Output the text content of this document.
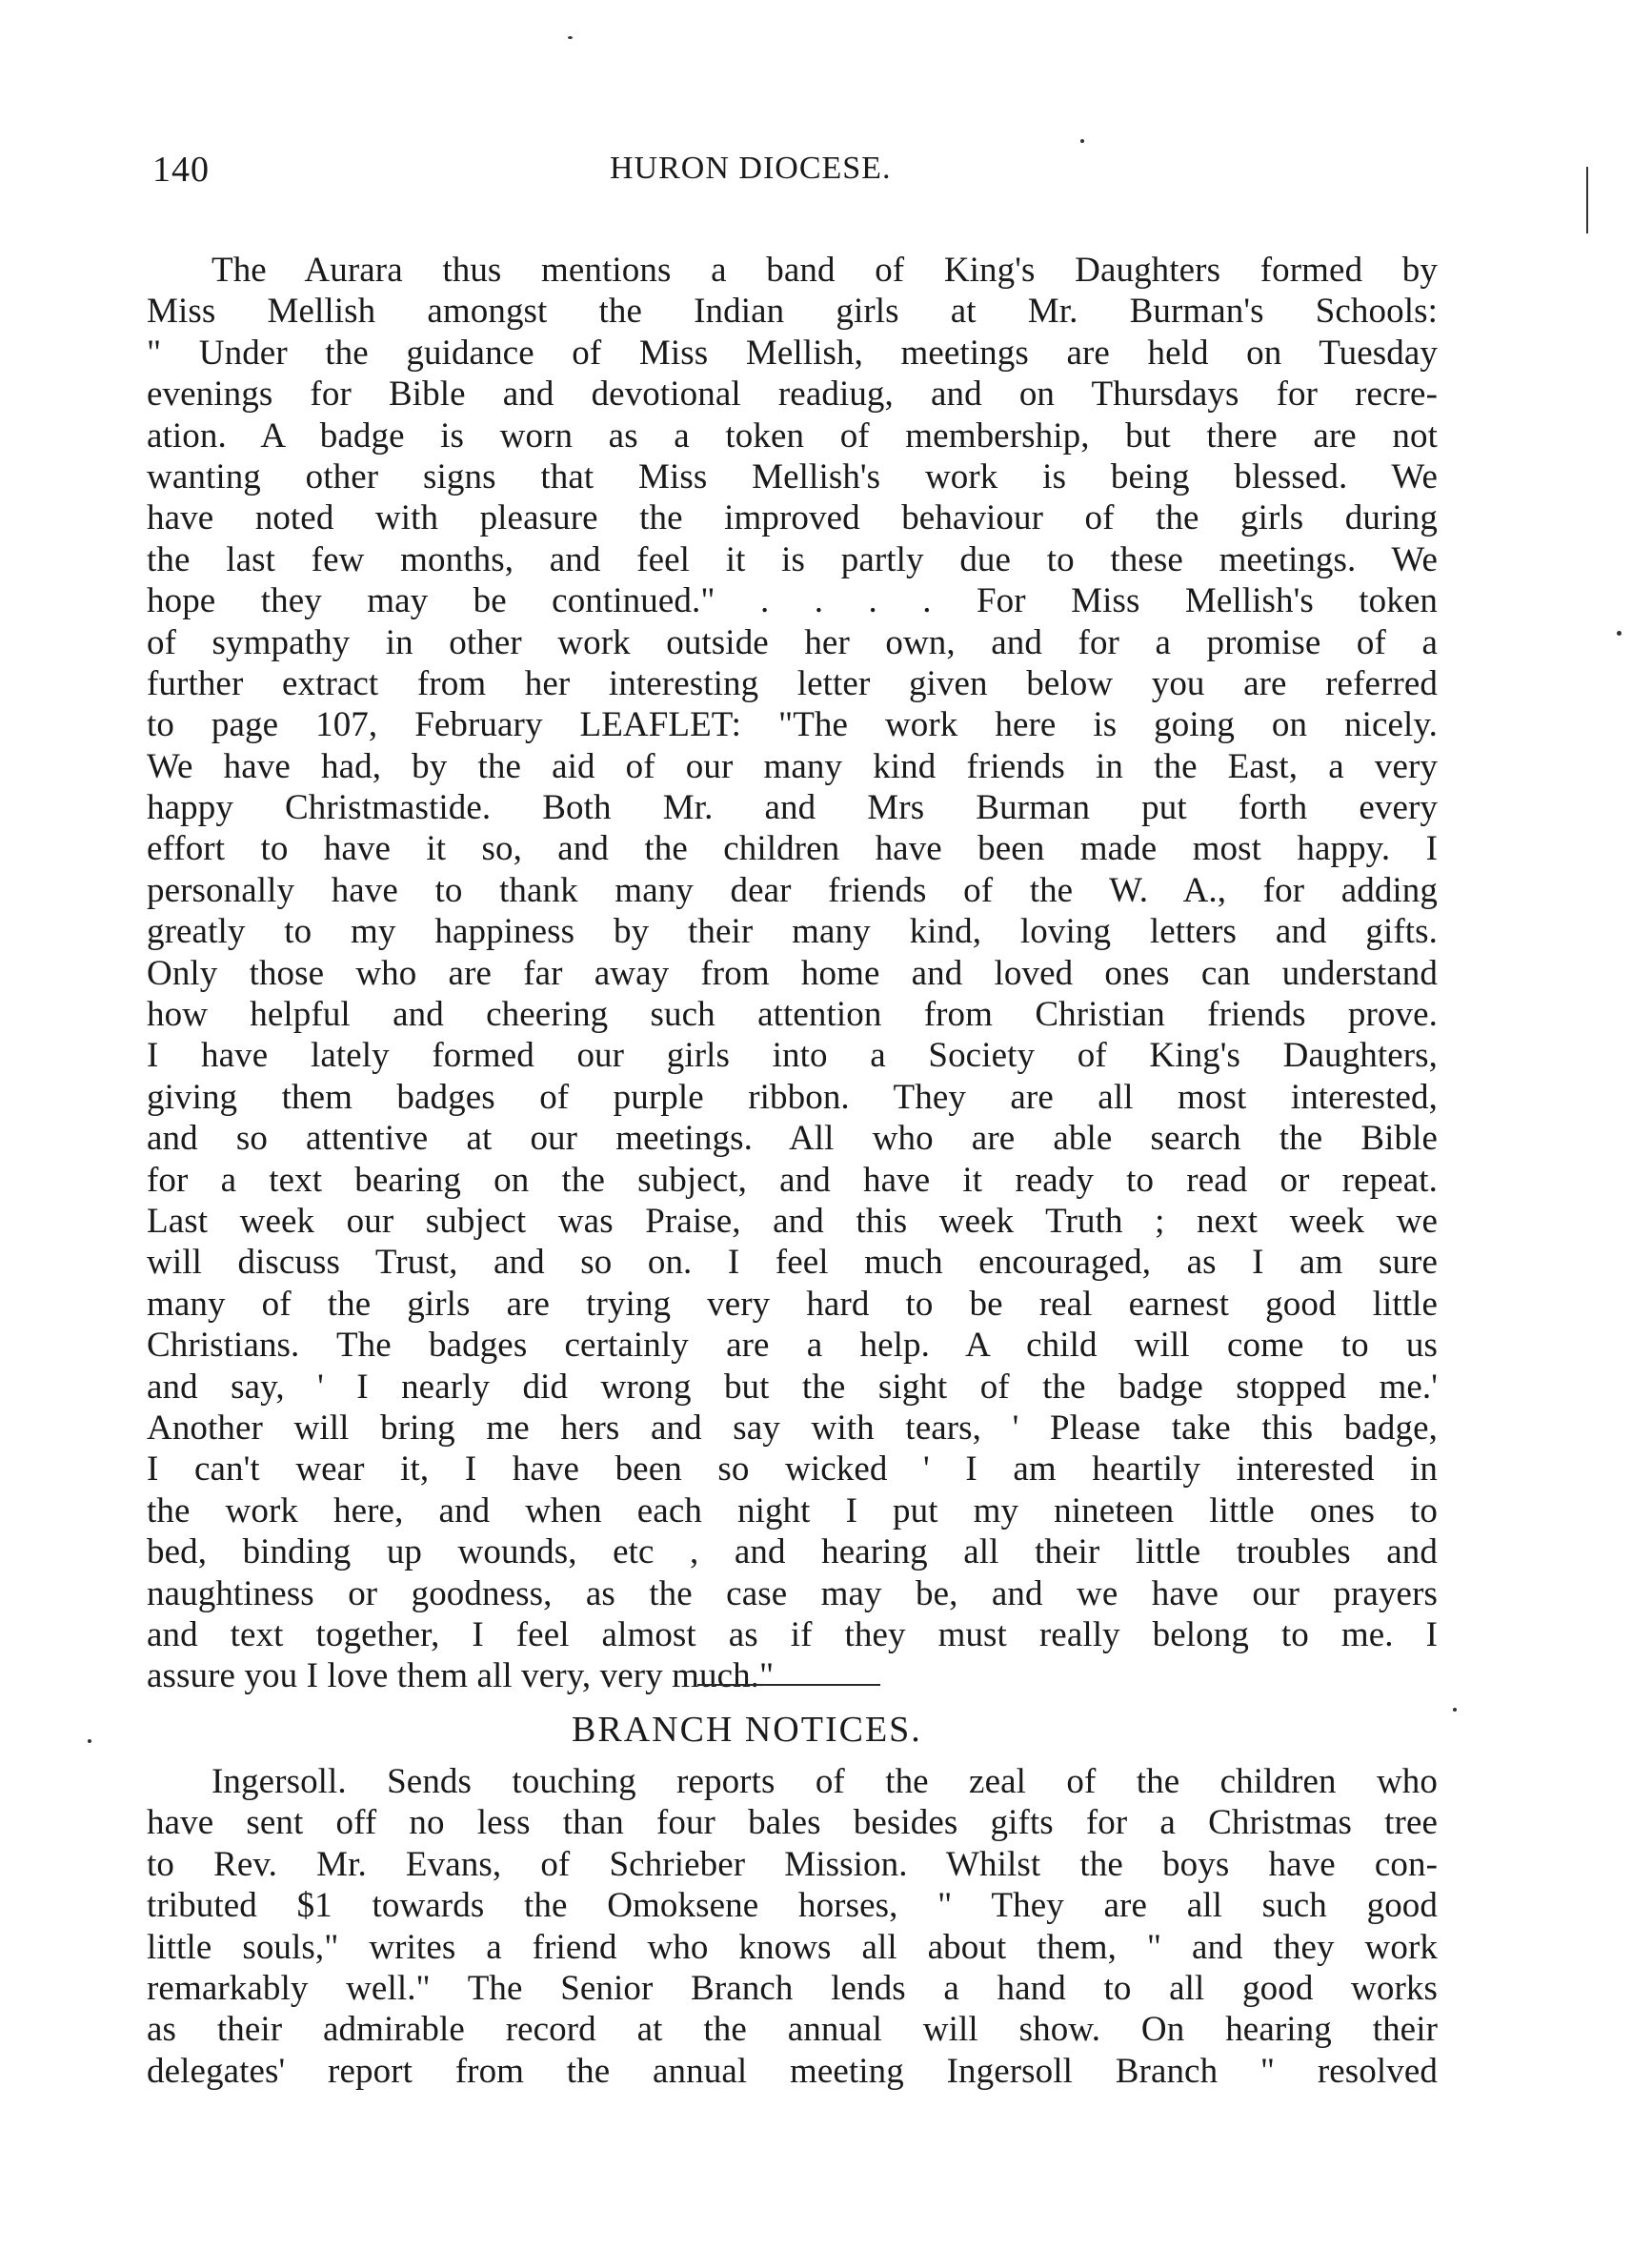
140	HURON DIOCESE.
The Aurara thus mentions a band of King's Daughters formed by
Miss Mellish amongst the Indian girls at Mr. Burman's Schools:
" Under the guidance of Miss Mellish, meetings are held on Tuesday
evenings for Bible and devotional readiug, and on Thursdays for recre-
ation. A badge is worn as a token of membership, but there are not
wanting other signs that Miss Mellish's work is being blessed. We
have noted with pleasure the improved behaviour of the girls during
the last few months, and feel it is partly due to these meetings. We
hope they may be continued." . . . . For Miss Mellish's token
of sympathy in other work outside her own, and for a promise of a
further extract from her interesting letter given below you are referred
to page 107, February LEAFLET: "The work here is going on nicely.
We have had, by the aid of our many kind friends in the East, a very
happy Christmastide. Both Mr. and Mrs Burman put forth every
effort to have it so, and the children have been made most happy. I
personally have to thank many dear friends of the W. A., for adding
greatly to my happiness by their many kind, loving letters and gifts.
Only those who are far away from home and loved ones can understand
how helpful and cheering such attention from Christian friends prove.
I have lately formed our girls into a Society of King's Daughters,
giving them badges of purple ribbon. They are all most interested,
and so attentive at our meetings. All who are able search the Bible
for a text bearing on the subject, and have it ready to read or repeat.
Last week our subject was Praise, and this week Truth ; next week we
will discuss Trust, and so on. I feel much encouraged, as I am sure
many of the girls are trying very hard to be real earnest good little
Christians. The badges certainly are a help. A child will come to us
and say, ' I nearly did wrong but the sight of the badge stopped me.'
Another will bring me hers and say with tears, ' Please take this badge,
I can't wear it, I have been so wicked ' I am heartily interested in
the work here, and when each night I put my nineteen little ones to
bed, binding up wounds, etc , and hearing all their little troubles and
naughtiness or goodness, as the case may be, and we have our prayers
and text together, I feel almost as if they must really belong to me. I
assure you I love them all very, very much."
BRANCH NOTICES.
Ingersoll. Sends touching reports of the zeal of the children who
have sent off no less than four bales besides gifts for a Christmas tree
to Rev. Mr. Evans, of Schrieber Mission. Whilst the boys have con-
tributed $1 towards the Omoksene horses, " They are all such good
little souls," writes a friend who knows all about them, " and they work
remarkably well." The Senior Branch lends a hand to all good works
as their admirable record at the annual will show. On hearing their
delegates' report from the annual meeting Ingersoll Branch " resolved
